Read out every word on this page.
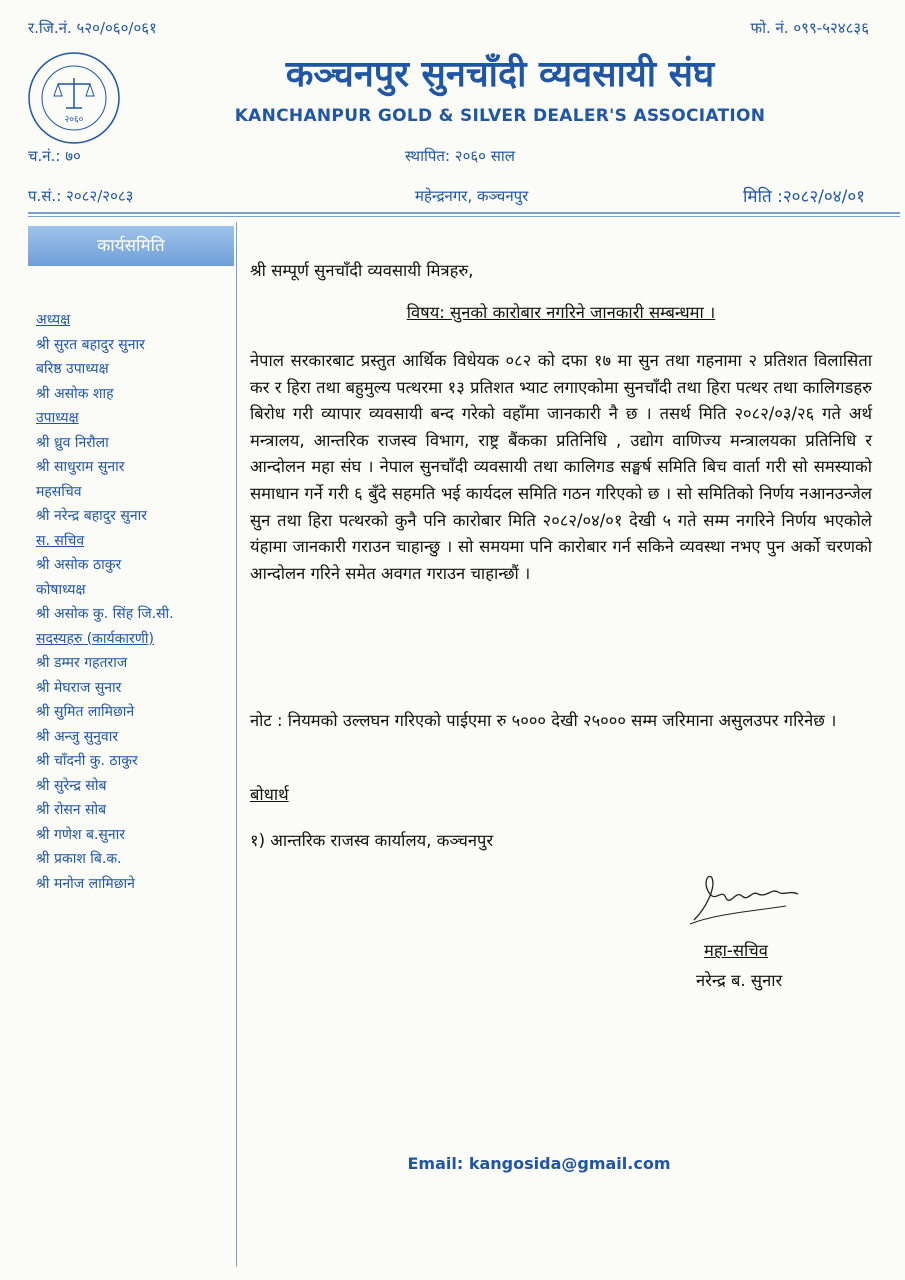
र.जि.नं. ५२०/०६०/०६१	फो. नं. ०९९-५२४८३६
२०६०
कञ्चनपुर सुनचाँदी व्यवसायी संघ
KANCHANPUR GOLD & SILVER DEALER'S ASSOCIATION
च.नं.: ७०	स्थापित: २०६० साल
प.सं.: २०८२/२०८३	महेन्द्रनगर, कञ्चनपुर	मिति :२०८२/०४/०१
कार्यसमिति
अध्यक्ष
श्री सुरत बहादुर सुनार
बरिष्ठ उपाध्यक्ष
श्री असोक शाह
उपाध्यक्ष
श्री ध्रुव निरौला
श्री साधुराम सुनार
महसचिव
श्री नरेन्द्र बहादुर सुनार
स. सचिव
श्री असोक ठाकुर
कोषाध्यक्ष
श्री असोक कु. सिंह जि.सी.
सदस्यहरु (कार्यकारणी)
श्री डम्मर गहतराज
श्री मेघराज सुनार
श्री सुमित लामिछाने
श्री अन्जु सुनुवार
श्री चाँदनी कु. ठाकुर
श्री सुरेन्द्र सोब
श्री रोसन सोब
श्री गणेश ब.सुनार
श्री प्रकाश बि.क.
श्री मनोज लामिछाने
श्री सम्पूर्ण सुनचाँदी व्यवसायी मित्रहरु,
विषय: सुनको कारोबार नगरिने जानकारी सम्बन्धमा ।
नेपाल सरकारबाट प्रस्तुत आर्थिक विधेयक ०८२ को दफा १७ मा सुन तथा गहनामा २ प्रतिशत विलासिता कर र हिरा तथा बहुमुल्य पत्थरमा १३ प्रतिशत भ्याट लगाएकोमा सुनचाँदी तथा हिरा पत्थर तथा कालिगडहरु बिरोध गरी व्यापार व्यवसायी बन्द गरेको वहाँमा जानकारी नै छ । तसर्थ मिति २०८२/०३/२६ गते अर्थ मन्त्रालय, आन्तरिक राजस्व विभाग, राष्ट्र बैंकका प्रतिनिधि , उद्योग वाणिज्य मन्त्रालयका प्रतिनिधि र आन्दोलन महा संघ । नेपाल सुनचाँदी व्यवसायी तथा कालिगड सङ्घर्ष समिति बिच वार्ता गरी सो समस्याको समाधान गर्ने गरी ६ बुँदे सहमति भई कार्यदल समिति गठन गरिएको छ । सो समितिको निर्णय नआनउन्जेल सुन तथा हिरा पत्थरको कुनै पनि कारोबार मिति २०८२/०४/०१ देखी ५ गते सम्म नगरिने निर्णय भएकोले यंहामा जानकारी गराउन चाहान्छु । सो समयमा पनि कारोबार गर्न सकिने व्यवस्था नभए पुन अर्को चरणको आन्दोलन गरिने समेत अवगत गराउन चाहान्छौं ।
नोट : नियमको उल्लघन गरिएको पाईएमा रु ५००० देखी २५००० सम्म जरिमाना असुलउपर गरिनेछ ।
बोधार्थ
१) आन्तरिक राजस्व कार्यालय, कञ्चनपुर
महा-सचिव
नरेन्द्र ब. सुनार
Email: kangosida@gmail.com
